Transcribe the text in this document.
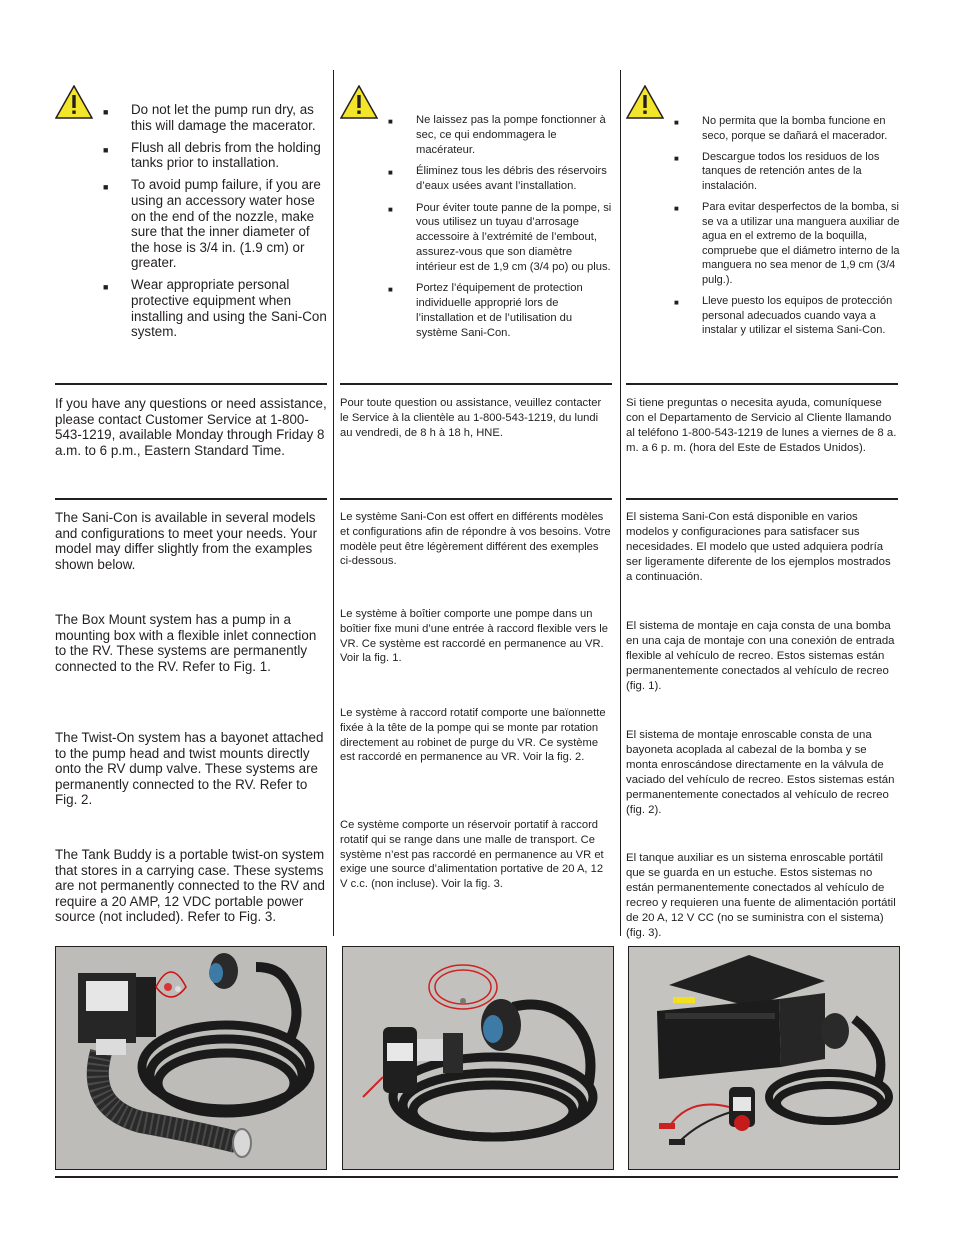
■ Do not let the pump run dry, as this will damage the macerator.
■ Flush all debris from the holding tanks prior to installation.
■ To avoid pump failure, if you are using an accessory water hose on the end of the nozzle, make sure that the inner diameter of the hose is 3/4 in. (1.9 cm) or greater.
■ Wear appropriate personal protective equipment when installing and using the Sani-Con system.

If you have any questions or need assistance, please contact Customer Service at 1-800-543-1219, available Monday through Friday 8 a.m. to 6 p.m., Eastern Standard Time.

The Sani-Con is available in several models and configurations to meet your needs. Your model may differ slightly from the examples shown below.

The Box Mount system has a pump in a mounting box with a flexible inlet connection to the RV. These systems are permanently connected to the RV. Refer to Fig. 1.

The Twist-On system has a bayonet attached to the pump head and twist mounts directly onto the RV dump valve. These systems are permanently connected to the RV. Refer to Fig. 2.

The Tank Buddy is a portable twist-on system that stores in a carrying case. These systems are not permanently connected to the RV and require a 20 AMP, 12 VDC portable power source (not included). Refer to Fig. 3.

■ Ne laissez pas la pompe fonctionner à sec, ce qui endommagera le macérateur.
■ Éliminez tous les débris des réservoirs d’eaux usées avant l’installation.
■ Pour éviter toute panne de la pompe, si vous utilisez un tuyau d’arrosage accessoire à l’extrémité de l’embout, assurez-vous que son diamètre intérieur est de 1,9 cm (3/4 po) ou plus.
■ Portez l’équipement de protection individuelle approprié lors de l’installation et de l’utilisation du système Sani-Con.

Pour toute question ou assistance, veuillez contacter le Service à la clientèle au 1-800-543-1219, du lundi au vendredi, de 8 h à 18 h, HNE.

Le système Sani-Con est offert en différents modèles et configurations afin de répondre à vos besoins. Votre modèle peut être légèrement différent des exemples ci-dessous.

Le système à boîtier comporte une pompe dans un boîtier fixe muni d’une entrée à raccord flexible vers le VR. Ce système est raccordé en permanence au VR. Voir la fig. 1.

Le système à raccord rotatif comporte une baïonnette fixée à la tête de la pompe qui se monte par rotation directement au robinet de purge du VR. Ce système est raccordé en permanence au VR. Voir la fig. 2.

Ce système comporte un réservoir portatif à raccord rotatif qui se range dans une malle de transport. Ce système n’est pas raccordé en permanence au VR et exige une source d’alimentation portative de 20 A, 12 V c.c. (non incluse). Voir la fig. 3.

■ No permita que la bomba funcione en seco, porque se dañará el macerador.
■ Descargue todos los residuos de los tanques de retención antes de la instalación.
■ Para evitar desperfectos de la bomba, si se va a utilizar una manguera auxiliar de agua en el extremo de la boquilla, compruebe que el diámetro interno de la manguera no sea menor de 1,9 cm (3/4 pulg.).
■ Lleve puesto los equipos de protección personal adecuados cuando vaya a instalar y utilizar el sistema Sani-Con.

Si tiene preguntas o necesita ayuda, comuníquese con el Departamento de Servicio al Cliente llamando al teléfono 1-800-543-1219 de lunes a viernes de 8 a. m. a 6 p. m. (hora del Este de Estados Unidos).

El sistema Sani-Con está disponible en varios modelos y configuraciones para satisfacer sus necesidades. El modelo que usted adquiera podría ser ligeramente diferente de los ejemplos mostrados a continuación.

El sistema de montaje en caja consta de una bomba en una caja de montaje con una conexión de entrada flexible al vehículo de recreo. Estos sistemas están permanentemente conectados al vehículo de recreo (fig. 1).

El sistema de montaje enroscable consta de una bayoneta acoplada al cabezal de la bomba y se monta enroscándose directamente en la válvula de vaciado del vehículo de recreo. Estos sistemas están permanentemente conectados al vehículo de recreo (fig. 2).

El tanque auxiliar es un sistema enroscable portátil que se guarda en un estuche. Estos sistemas no están permanentemente conectados al vehículo de recreo y requieren una fuente de alimentación portátil de 20 A, 12 V CC (no se suministra con el sistema) (fig. 3).
